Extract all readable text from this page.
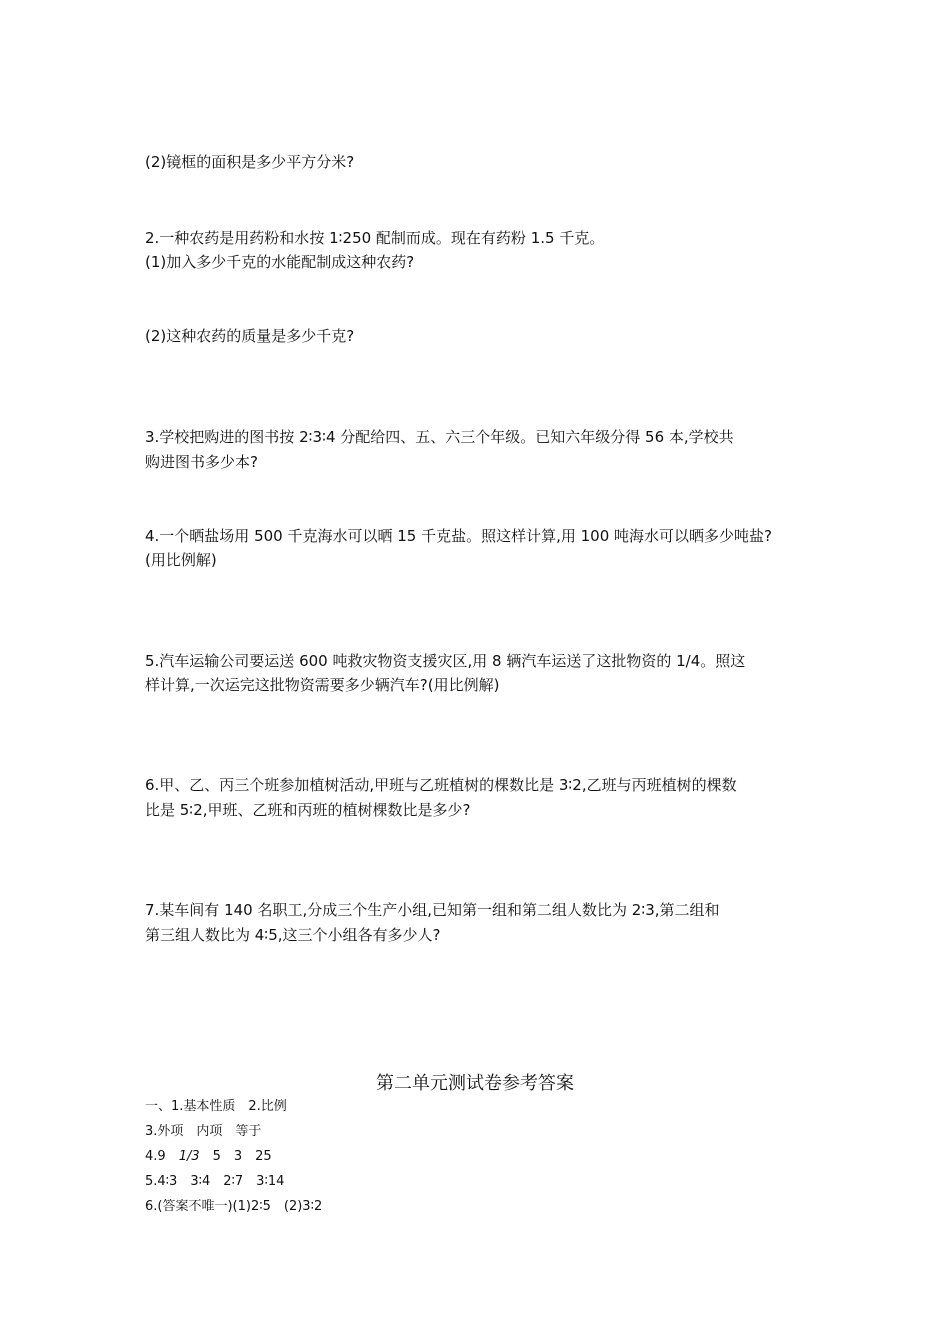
(2)镜框的面积是多少平方分米?
2.一种农药是用药粉和水按 1∶250 配制而成。现在有药粉 1.5 千克。
(1)加入多少千克的水能配制成这种农药?
(2)这种农药的质量是多少千克?
3.学校把购进的图书按 2∶3∶4 分配给四、五、六三个年级。已知六年级分得 56 本,学校共
购进图书多少本?
4.一个晒盐场用 500 千克海水可以晒 15 千克盐。照这样计算,用 100 吨海水可以晒多少吨盐?
(用比例解)
5.汽车运输公司要运送 600 吨救灾物资支援灾区,用 8 辆汽车运送了这批物资的 1/4。照这
样计算,一次运完这批物资需要多少辆汽车?(用比例解)
6.甲、乙、丙三个班参加植树活动,甲班与乙班植树的棵数比是 3∶2,乙班与丙班植树的棵数
比是 5∶2,甲班、乙班和丙班的植树棵数比是多少?
7.某车间有 140 名职工,分成三个生产小组,已知第一组和第二组人数比为 2∶3,第二组和
第三组人数比为 4∶5,这三个小组各有多少人?
第二单元测试卷参考答案
一、1.基本性质　2.比例
3.外项　内项　等于
4.9　1/3　5　3　25
5.4∶3　3∶4　2∶7　3∶14
6.(答案不唯一)(1)2∶5　(2)3∶2
